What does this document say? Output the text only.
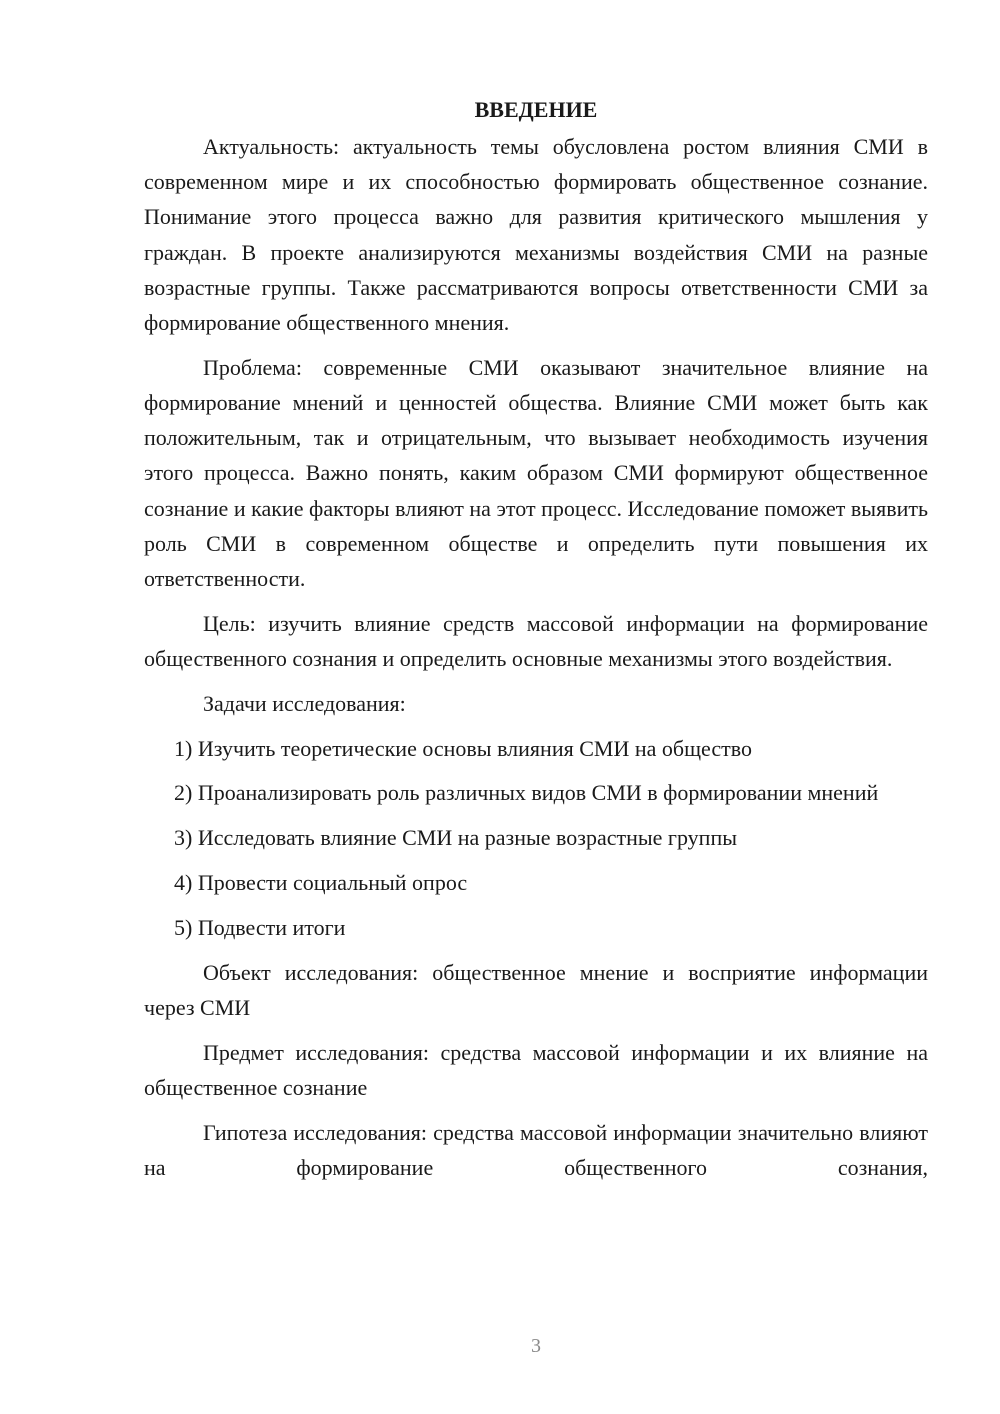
ВВЕДЕНИЕ

Актуальность: актуальность темы обусловлена ростом влияния СМИ в современном мире и их способностью формировать общественное сознание. Понимание этого процесса важно для развития критического мышления у граждан. В проекте анализируются механизмы воздействия СМИ на разные возрастные группы. Также рассматриваются вопросы ответственности СМИ за формирование общественного мнения.

Проблема: современные СМИ оказывают значительное влияние на формирование мнений и ценностей общества. Влияние СМИ может быть как положительным, так и отрицательным, что вызывает необходимость изучения этого процесса. Важно понять, каким образом СМИ формируют общественное сознание и какие факторы влияют на этот процесс. Исследование поможет выявить роль СМИ в современном обществе и определить пути повышения их ответственности.

Цель: изучить влияние средств массовой информации на формирование общественного сознания и определить основные механизмы этого воздействия.

Задачи исследования:

1) Изучить теоретические основы влияния СМИ на общество

2) Проанализировать роль различных видов СМИ в формировании мнений

3) Исследовать влияние СМИ на разные возрастные группы

4) Провести социальный опрос

5) Подвести итоги

Объект исследования: общественное мнение и восприятие информации через СМИ

Предмет исследования: средства массовой информации и их влияние на общественное сознание

Гипотеза исследования: средства массовой информации значительно влияют на формирование общественного сознания,

3
